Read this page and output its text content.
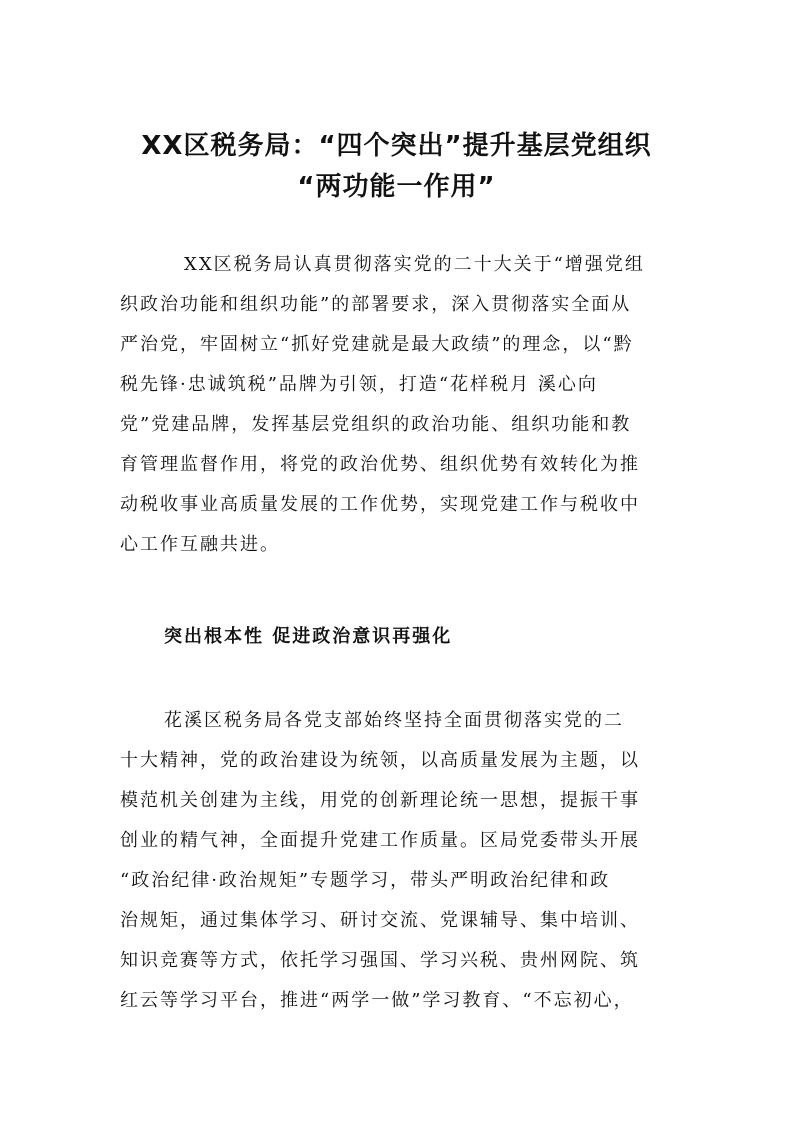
XX区税务局：“四个突出”提升基层党组织
“两功能一作用”
XX区税务局认真贯彻落实党的二十大关于“增强党组
织政治功能和组织功能”的部署要求，深入贯彻落实全面从
严治党，牢固树立“抓好党建就是最大政绩”的理念，以“黔
税先锋·忠诚筑税”品牌为引领，打造“花样税月 溪心向
党”党建品牌，发挥基层党组织的政治功能、组织功能和教
育管理监督作用，将党的政治优势、组织优势有效转化为推
动税收事业高质量发展的工作优势，实现党建工作与税收中
心工作互融共进。
突出根本性 促进政治意识再强化
花溪区税务局各党支部始终坚持全面贯彻落实党的二
十大精神，党的政治建设为统领，以高质量发展为主题，以
模范机关创建为主线，用党的创新理论统一思想，提振干事
创业的精气神，全面提升党建工作质量。区局党委带头开展
“政治纪律·政治规矩”专题学习，带头严明政治纪律和政
治规矩，通过集体学习、研讨交流、党课辅导、集中培训、
知识竞赛等方式，依托学习强国、学习兴税、贵州网院、筑
红云等学习平台，推进“两学一做”学习教育、“不忘初心，
